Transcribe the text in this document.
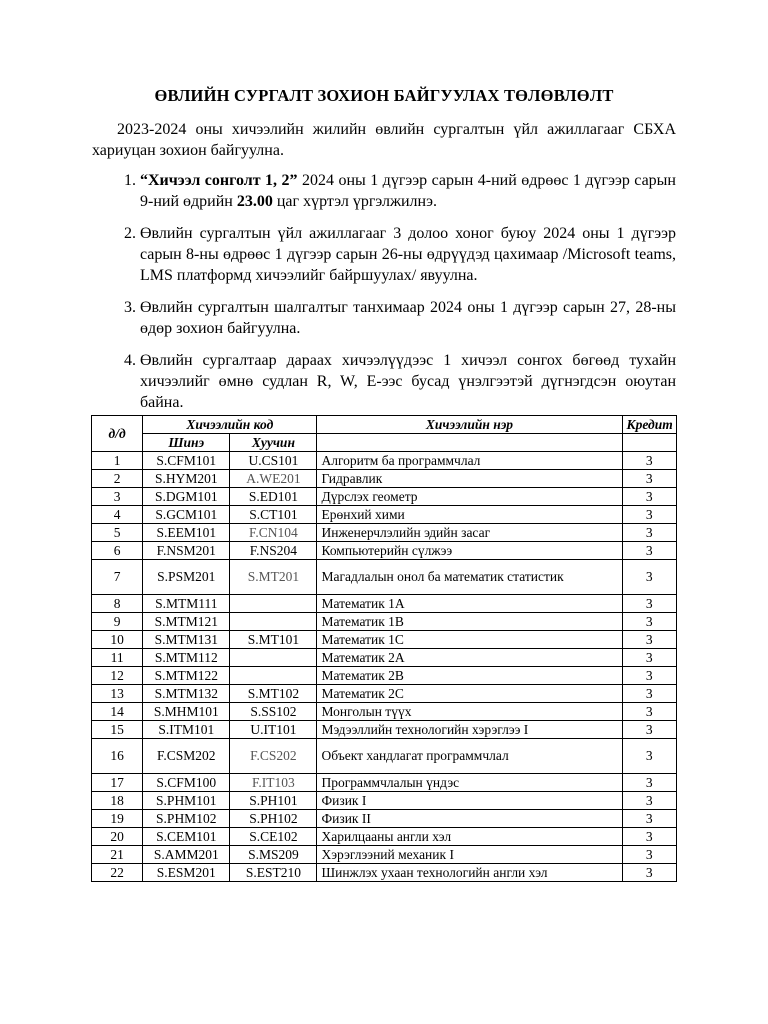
ӨВЛИЙН СУРГАЛТ ЗОХИОН БАЙГУУЛАХ ТӨЛӨВЛӨЛТ

2023-2024 оны хичээлийн жилийн өвлийн сургалтын үйл ажиллагааг СБХА хариуцан зохион байгуулна.

1. “Хичээл сонголт 1, 2” 2024 оны 1 дүгээр сарын 4-ний өдрөөс 1 дүгээр сарын 9-ний өдрийн 23.00 цаг хүртэл үргэлжилнэ.
2. Өвлийн сургалтын үйл ажиллагааг 3 долоо хоног буюу 2024 оны 1 дүгээр сарын 8-ны өдрөөс 1 дүгээр сарын 26-ны өдрүүдэд цахимаар /Microsoft teams, LMS платформд хичээлийг байршуулах/ явуулна.
3. Өвлийн сургалтын шалгалтыг танхимаар 2024 оны 1 дүгээр сарын 27, 28-ны өдөр зохион байгуулна.
4. Өвлийн сургалтаар дараах хичээлүүдээс 1 хичээл сонгох бөгөөд тухайн хичээлийг өмнө судлан R, W, E-ээс бусад үнэлгээтэй дүгнэгдсэн оюутан байна.
д/д	Хичээлийн код		Хичээлийн нэр	Кредит
	Шинэ	Хуучин		
1	S.CFM101	U.CS101	Алгоритм ба программчлал	3
2	S.HYM201	A.WE201	Гидравлик	3
3	S.DGM101	S.ED101	Дүрслэх геометр	3
4	S.GCM101	S.CT101	Ерөнхий хими	3
5	S.EEM101	F.CN104	Инженерчлэлийн эдийн засаг	3
6	F.NSM201	F.NS204	Компьютерийн сүлжээ	3
7	S.PSM201	S.MT201	Магадлалын онол ба математик статистик	3
8	S.MTM111		Математик 1A	3
9	S.MTM121		Математик 1B	3
10	S.MTM131	S.MT101	Математик 1C	3
11	S.MTM112		Математик 2A	3
12	S.MTM122		Математик 2B	3
13	S.MTM132	S.MT102	Математик 2C	3
14	S.MHM101	S.SS102	Монголын түүх	3
15	S.ITM101	U.IT101	Мэдээллийн технологийн хэрэглээ I	3
16	F.CSM202	F.CS202	Объект хандлагат программчлал	3
17	S.CFM100	F.IT103	Программчлалын үндэс	3
18	S.PHM101	S.PH101	Физик I	3
19	S.PHM102	S.PH102	Физик II	3
20	S.CEM101	S.CE102	Харилцааны англи хэл	3
21	S.AMM201	S.MS209	Хэрэглээний механик I	3
22	S.ESM201	S.EST210	Шинжлэх ухаан технологийн англи хэл	3
